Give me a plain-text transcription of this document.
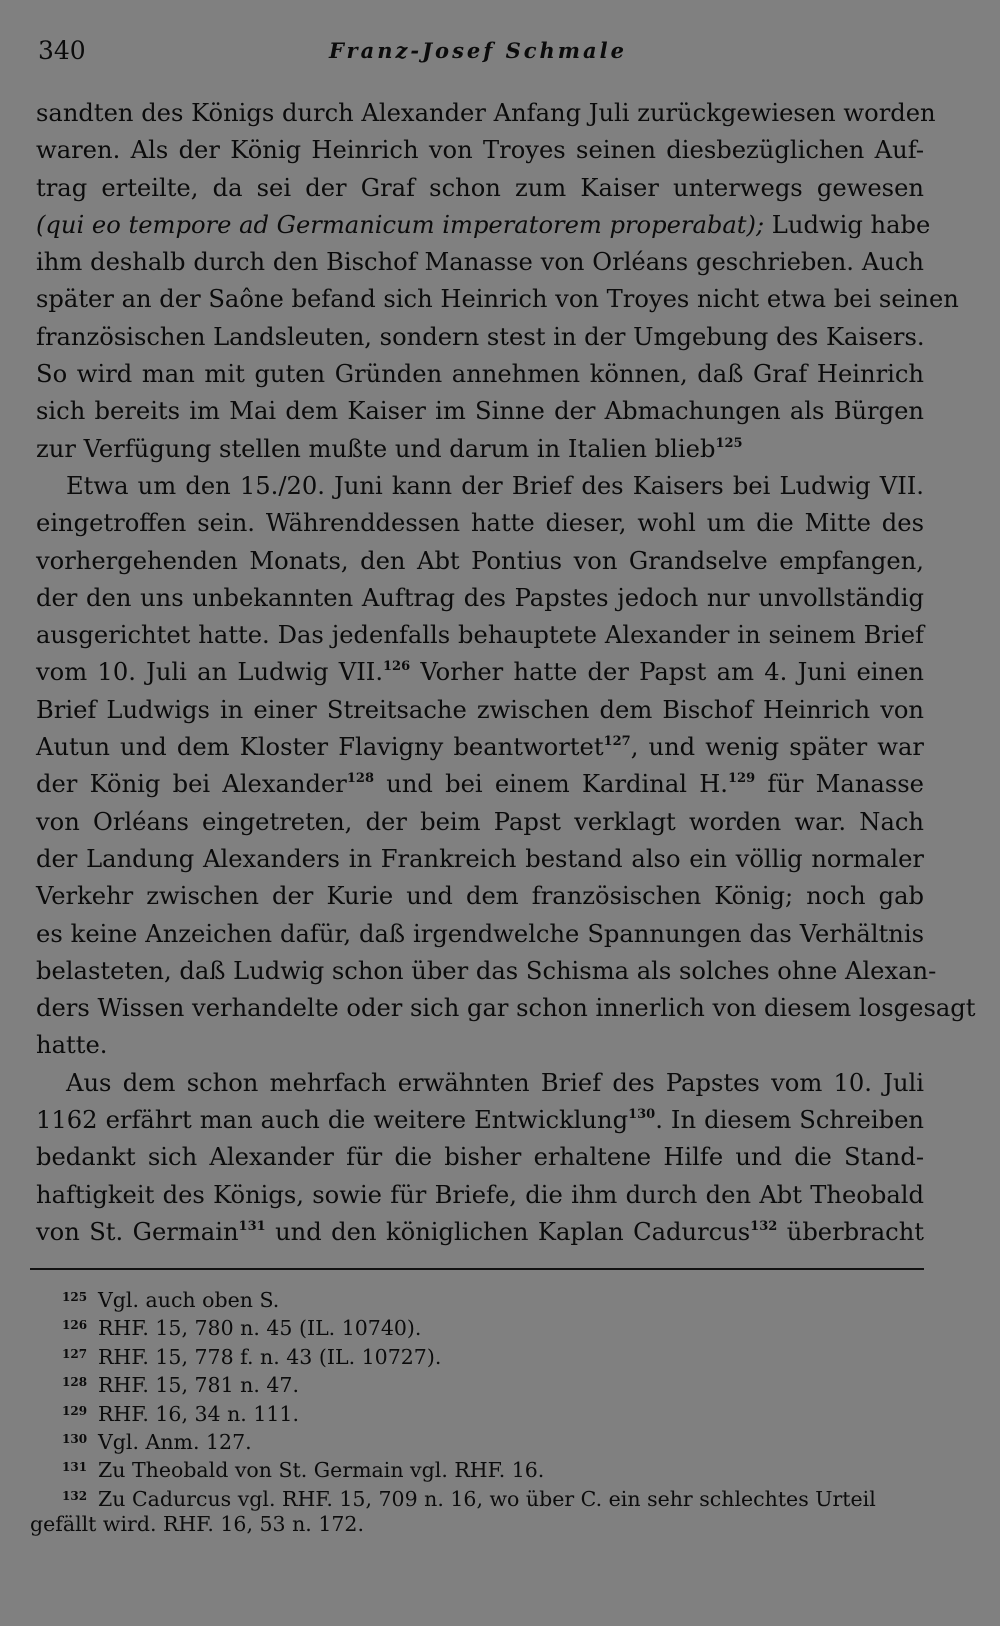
340	Franz-Josef Schmale
sandten des Königs durch Alexander Anfang Juli zurückgewiesen worden
waren. Als der König Heinrich von Troyes seinen diesbezüglichen Auf-
trag erteilte, da sei der Graf schon zum Kaiser unterwegs gewesen
(qui eo tempore ad Germanicum imperatorem properabat); Ludwig habe
ihm deshalb durch den Bischof Manasse von Orléans geschrieben. Auch
später an der Saône befand sich Heinrich von Troyes nicht etwa bei seinen
französischen Landsleuten, sondern stest in der Umgebung des Kaisers.
So wird man mit guten Gründen annehmen können, daß Graf Heinrich
sich bereits im Mai dem Kaiser im Sinne der Abmachungen als Bürgen
zur Verfügung stellen mußte und darum in Italien blieb$^{125}$
Etwa um den 15./20. Juni kann der Brief des Kaisers bei Ludwig VII.
eingetroffen sein. Währenddessen hatte dieser, wohl um die Mitte des
vorhergehenden Monats, den Abt Pontius von Grandselve empfangen,
der den uns unbekannten Auftrag des Papstes jedoch nur unvollständig
ausgerichtet hatte. Das jedenfalls behauptete Alexander in seinem Brief
vom 10. Juli an Ludwig VII.$^{126}$ Vorher hatte der Papst am 4. Juni einen
Brief Ludwigs in einer Streitsache zwischen dem Bischof Heinrich von
Autun und dem Kloster Flavigny beantwortet$^{127}$, und wenig später war
der König bei Alexander$^{128}$ und bei einem Kardinal H.$^{129}$ für Manasse
von Orléans eingetreten, der beim Papst verklagt worden war. Nach
der Landung Alexanders in Frankreich bestand also ein völlig normaler
Verkehr zwischen der Kurie und dem französischen König; noch gab
es keine Anzeichen dafür, daß irgendwelche Spannungen das Verhältnis
belasteten, daß Ludwig schon über das Schisma als solches ohne Alexan-
ders Wissen verhandelte oder sich gar schon innerlich von diesem losgesagt
hatte.
Aus dem schon mehrfach erwähnten Brief des Papstes vom 10. Juli
1162 erfährt man auch die weitere Entwicklung$^{130}$. In diesem Schreiben
bedankt sich Alexander für die bisher erhaltene Hilfe und die Stand-
haftigkeit des Königs, sowie für Briefe, die ihm durch den Abt Theobald
von St. Germain$^{131}$ und den königlichen Kaplan Cadurcus$^{132}$ überbracht
125 Vgl. auch oben S.
126 RHF. 15, 780 n. 45 (IL. 10740).
127 RHF. 15, 778 f. n. 43 (IL. 10727).
128 RHF. 15, 781 n. 47.
129 RHF. 16, 34 n. 111.
130 Vgl. Anm. 127.
131 Zu Theobald von St. Germain vgl. RHF. 16.
132 Zu Cadurcus vgl. RHF. 15, 709 n. 16, wo über C. ein sehr schlechtes Urteil
gefällt wird. RHF. 16, 53 n. 172.
